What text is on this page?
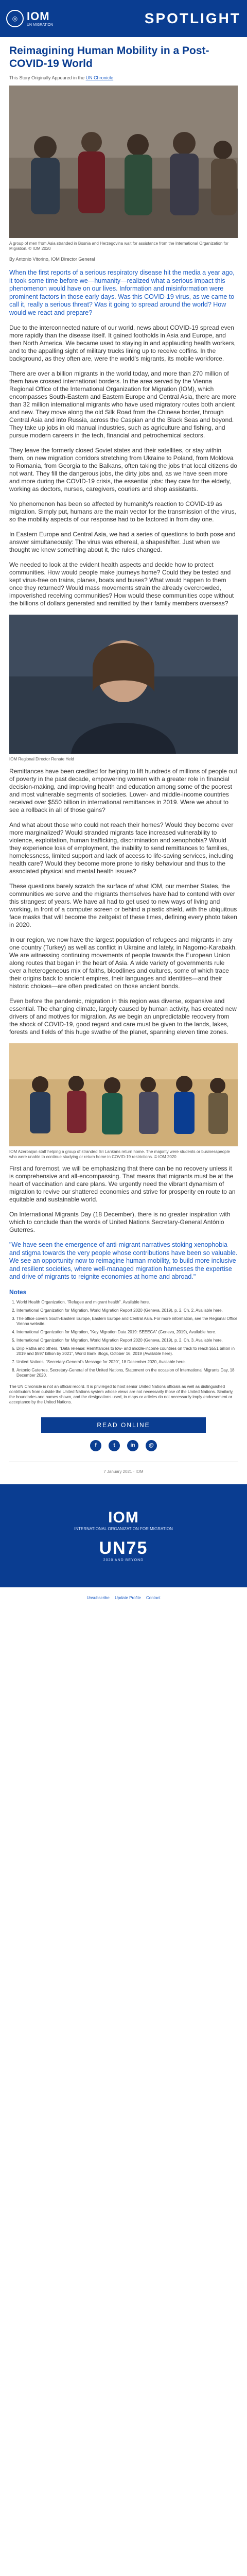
◎ IOM
UN MIGRATION	SPOTLIGHT
Reimagining Human Mobility in a Post-COVID-19 World
This Story Originally Appeared in the UN Chronicle
A group of men from Asia stranded in Bosnia and Herzegovina wait for assistance from the International Organization for Migration. © IOM 2020
By Antonio Vitorino, IOM Director General

When the first reports of a serious respiratory disease hit the media a year ago, it took some time before we—humanity—realized what a serious impact this phenomenon would have on our lives. Information and misinformation were prominent factors in those early days. Was this COVID-19 virus, as we came to call it, really a serious threat? Was it going to spread around the world? How would we react and prepare?

Due to the interconnected nature of our world, news about COVID-19 spread even more rapidly than the disease itself. It gained footholds in Asia and Europe, and then North America. We became used to staying in and applauding health workers, and to the appalling sight of military trucks lining up to receive coffins. In the background, as they often are, were the world's migrants, its mobile workforce.

There are over a billion migrants in the world today, and more than 270 million of them have crossed international borders. In the area served by the Vienna Regional Office of the International Organization for Migration (IOM), which encompasses South-Eastern and Eastern Europe and Central Asia, there are more than 32 million international migrants who have used migratory routes both ancient and new. They move along the old Silk Road from the Chinese border, through Central Asia and into Russia, across the Caspian and the Black Seas and beyond. They take up jobs in old manual industries, such as agriculture and fishing, and pursue modern careers in the tech, financial and petrochemical sectors.

They leave the formerly closed Soviet states and their satellites, or stay within them, on new migration corridors stretching from Ukraine to Poland, from Moldova to Romania, from Georgia to the Balkans, often taking the jobs that local citizens do not want. They fill the dangerous jobs, the dirty jobs and, as we have seen more and more during the COVID-19 crisis, the essential jobs: they care for the elderly, working as doctors, nurses, caregivers, couriers and shop assistants.

No phenomenon has been so affected by humanity's reaction to COVID-19 as migration. Simply put, humans are the main vector for the transmission of the virus, so the mobility aspects of our response had to be factored in from day one.

In Eastern Europe and Central Asia, we had a series of questions to both pose and answer simultaneously: The virus was ethereal, a shapeshifter. Just when we thought we knew something about it, the rules changed.

We needed to look at the evident health aspects and decide how to protect communities. How would people make journeys home? Could they be tested and kept virus-free on trains, planes, boats and buses? What would happen to them once they returned? Would mass movements strain the already overcrowded, impoverished receiving communities? How would these communities cope without the billions of dollars generated and remitted by their family members overseas?

IOM Regional Director Renate Held

Remittances have been credited for helping to lift hundreds of millions of people out of poverty in the past decade, empowering women with a greater role in financial decision-making, and improving health and education among some of the poorest and most vulnerable segments of societies. Lower- and middle-income countries received over $550 billion in international remittances in 2019. Were we about to see a rollback in all of those gains?

And what about those who could not reach their homes? Would they become ever more marginalized? Would stranded migrants face increased vulnerability to violence, exploitation, human trafficking, discrimination and xenophobia? Would they experience loss of employment, the inability to send remittances to families, homelessness, limited support and lack of access to life-saving services, including health care? Would they become more prone to risky behaviour and thus to the associated physical and mental health issues?

These questions barely scratch the surface of what IOM, our member States, the communities we serve and the migrants themselves have had to contend with over this strangest of years. We have all had to get used to new ways of living and working, in front of a computer screen or behind a plastic shield, with the ubiquitous face masks that will become the zeitgeist of these times, defining every photo taken in 2020.

In our region, we now have the largest population of refugees and migrants in any one country (Turkey) as well as conflict in Ukraine and lately, in Nagorno-Karabakh. We are witnessing continuing movements of people towards the European Union along routes that began in the heart of Asia. A wide variety of governments rule over a heterogeneous mix of faiths, bloodlines and cultures, some of which trace their origins back to ancient empires, their languages and identities—and their historic choices—are often predicated on those ancient bonds.

Even before the pandemic, migration in this region was diverse, expansive and essential. The changing climate, largely caused by human activity, has created new drivers of and motives for migration. As we begin an unpredictable recovery from the shock of COVID-19, good regard and care must be given to the lands, lakes, forests and fields of this huge swathe of the planet, spanning eleven time zones.

IOM Azerbaijan staff helping a group of stranded Sri Lankans return home. The majority were students or businesspeople who were unable to continue studying or return home in COVID-19 restrictions. © IOM 2020

First and foremost, we will be emphasizing that there can be no recovery unless it is comprehensive and all-encompassing. That means that migrants must be at the heart of vaccination and care plans. We urgently need the vibrant dynamism of migration to revive our shattered economies and strive for prosperity en route to an equitable and sustainable world.

On International Migrants Day (18 December), there is no greater inspiration with which to conclude than the words of United Nations Secretary-General António Guterres.

"We have seen the emergence of anti-migrant narratives stoking xenophobia and stigma towards the very people whose contributions have been so valuable. We see an opportunity now to reimagine human mobility, to build more inclusive and resilient societies, where well-managed migration harnesses the expertise and drive of migrants to reignite economies at home and abroad."
Notes
1. World Health Organization, "Refugee and migrant health". Available here.
2. International Organization for Migration, World Migration Report 2020 (Geneva, 2019), p. 2. Ch. 2, Available here.
3. The office covers South-Eastern Europe, Eastern Europe and Central Asia. For more information, see the Regional Office Vienna website.
4. International Organization for Migration, "Key Migration Data 2019: SEEECA" (Geneva, 2019), Available here.
5. International Organization for Migration, World Migration Report 2020 (Geneva, 2019), p. 2. Ch. 3. Available here.
6. Dilip Ratha and others, "Data release: Remittances to low- and middle-income countries on track to reach $551 billion in 2019 and $597 billion by 2021", World Bank Blogs, October 16, 2019 (Available here).
7. United Nations, "Secretary-General's Message for 2020", 18 December 2020, Available here.
8. Antonio Guterres, Secretary-General of the United Nations, Statement on the occasion of International Migrants Day, 18 December 2020.
The UN Chronicle is not an official record. It is privileged to host senior United Nations officials as well as distinguished contributors from outside the United Nations system whose views are not necessarily those of the United Nations. Similarly, the boundaries and names shown, and the designations used, in maps or articles do not necessarily imply endorsement or acceptance by the United Nations.
READ ONLINE
f	t	in	@
7 January 2021 · IOM
IOM
INTERNATIONAL ORGANIZATION FOR MIGRATION
UN75
2020 AND BEYOND
Unsubscribe Update Profile Contact
